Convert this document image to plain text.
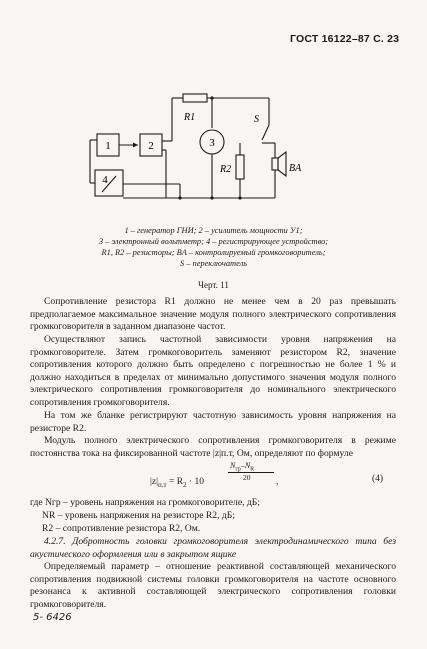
ГОСТ 16122–87 С. 23
1	2	3
4
R1
R2
S
BA
1 – генератор ГНИ; 2 – усилитель мощности У1;
3 – электронный вольтметр; 4 – регистрирующее устройство;
R1, R2 – резисторы; BA – контролируемый громкоговоритель;
S – переключатель
Черт. 11

Сопротивление резистора R1 должно не менее чем в 20 раз превышать предполагаемое максимальное значение модуля полного электрического сопротивления громкоговорителя в заданном диапазоне частот.

Осуществляют запись частотной зависимости уровня напряжения на громкоговорителе. Затем громкоговоритель заменяют резистором R2, значение сопротивления которого должно быть определено с погрешностью не более 1 % и должно находиться в пределах от минимально допустимого значения модуля полного электрического сопротивления громкоговорителя до номинального электрического сопротивления громкоговорителя.

На том же бланке регистрируют частотную зависимость уровня напряжения на резисторе R2.

Модуль полного электрического сопротивления громкоговорителя в режиме постоянства тока на фиксированной частоте |z|п.т, Ом, определяют по формуле

$N_{гр}-N_R$
20
$|z|_{п.т} = R_2 \cdot 10$	,	(4)
где Nгр – уровень напряжения на громкоговорителе, дБ;
NR – уровень напряжения на резисторе R2, дБ;
R2 – сопротивление резистора R2, Ом.

4.2.7. Добротность головки громкоговорителя электродинамического типа без акустического оформления или в закрытом ящике

Определяемый параметр – отношение реактивной составляющей механического сопротивления подвижной системы головки громкоговорителя на частоте основного резонанса к активной составляющей электрического сопротивления головки громкоговорителя.

5- 6426
